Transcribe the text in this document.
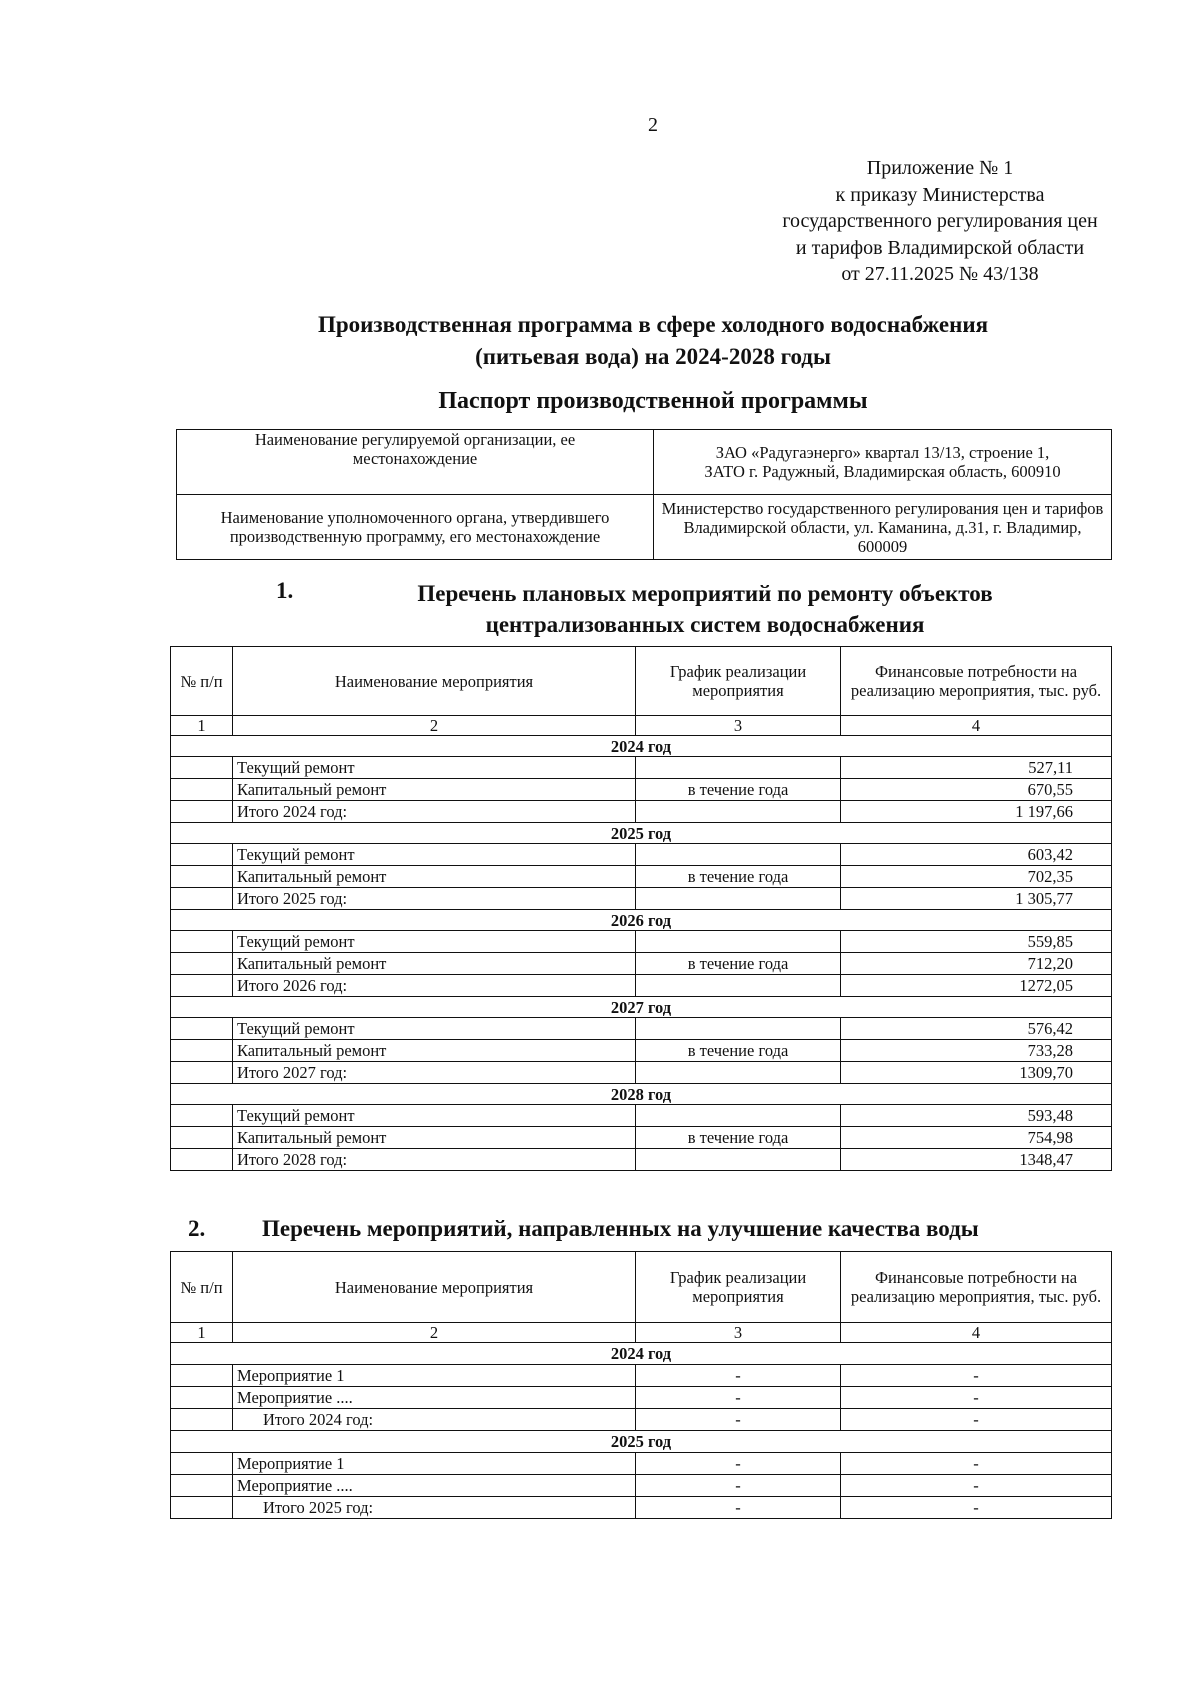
2
Приложение № 1
к приказу Министерства
государственного регулирования цен
и тарифов Владимирской области
от 27.11.2025 № 43/138
Производственная программа в сфере холодного водоснабжения
(питьевая вода) на 2024-2028 годы
Паспорт производственной программы
Наименование регулируемой организации, ее местонахождение	ЗАО «Радугаэнерго» квартал 13/13, строение 1, ЗАТО г. Радужный, Владимирская область, 600910
Наименование уполномоченного органа, утвердившего производственную программу, его местонахождение	Министерство государственного регулирования цен и тарифов Владимирской области, ул. Каманина, д.31, г. Владимир, 600009
1.	Перечень плановых мероприятий по ремонту объектов централизованных систем водоснабжения
№ п/п	Наименование мероприятия	График реализации мероприятия	Финансовые потребности на реализацию мероприятия, тыс. руб.
1	2	3	4
2024 год			
	Текущий ремонт		527,11
	Капитальный ремонт	в течение года	670,55
	Итого 2024 год:		1 197,66
2025 год			
	Текущий ремонт		603,42
	Капитальный ремонт	в течение года	702,35
	Итого 2025 год:		1 305,77
2026 год			
	Текущий ремонт		559,85
	Капитальный ремонт	в течение года	712,20
	Итого 2026 год:		1272,05
2027 год			
	Текущий ремонт		576,42
	Капитальный ремонт	в течение года	733,28
	Итого 2027 год:		1309,70
2028 год			
	Текущий ремонт		593,48
	Капитальный ремонт	в течение года	754,98
	Итого 2028 год:		1348,47
2. Перечень мероприятий, направленных на улучшение качества воды
№ п/п	Наименование мероприятия	График реализации мероприятия	Финансовые потребности на реализацию мероприятия, тыс. руб.
1	2	3	4
2024 год			
	Мероприятие 1	-	-
	Мероприятие ....	-	-
	Итого 2024 год:	-	-
2025 год			
	Мероприятие 1	-	-
	Мероприятие ....	-	-
	Итого 2025 год:	-	-
